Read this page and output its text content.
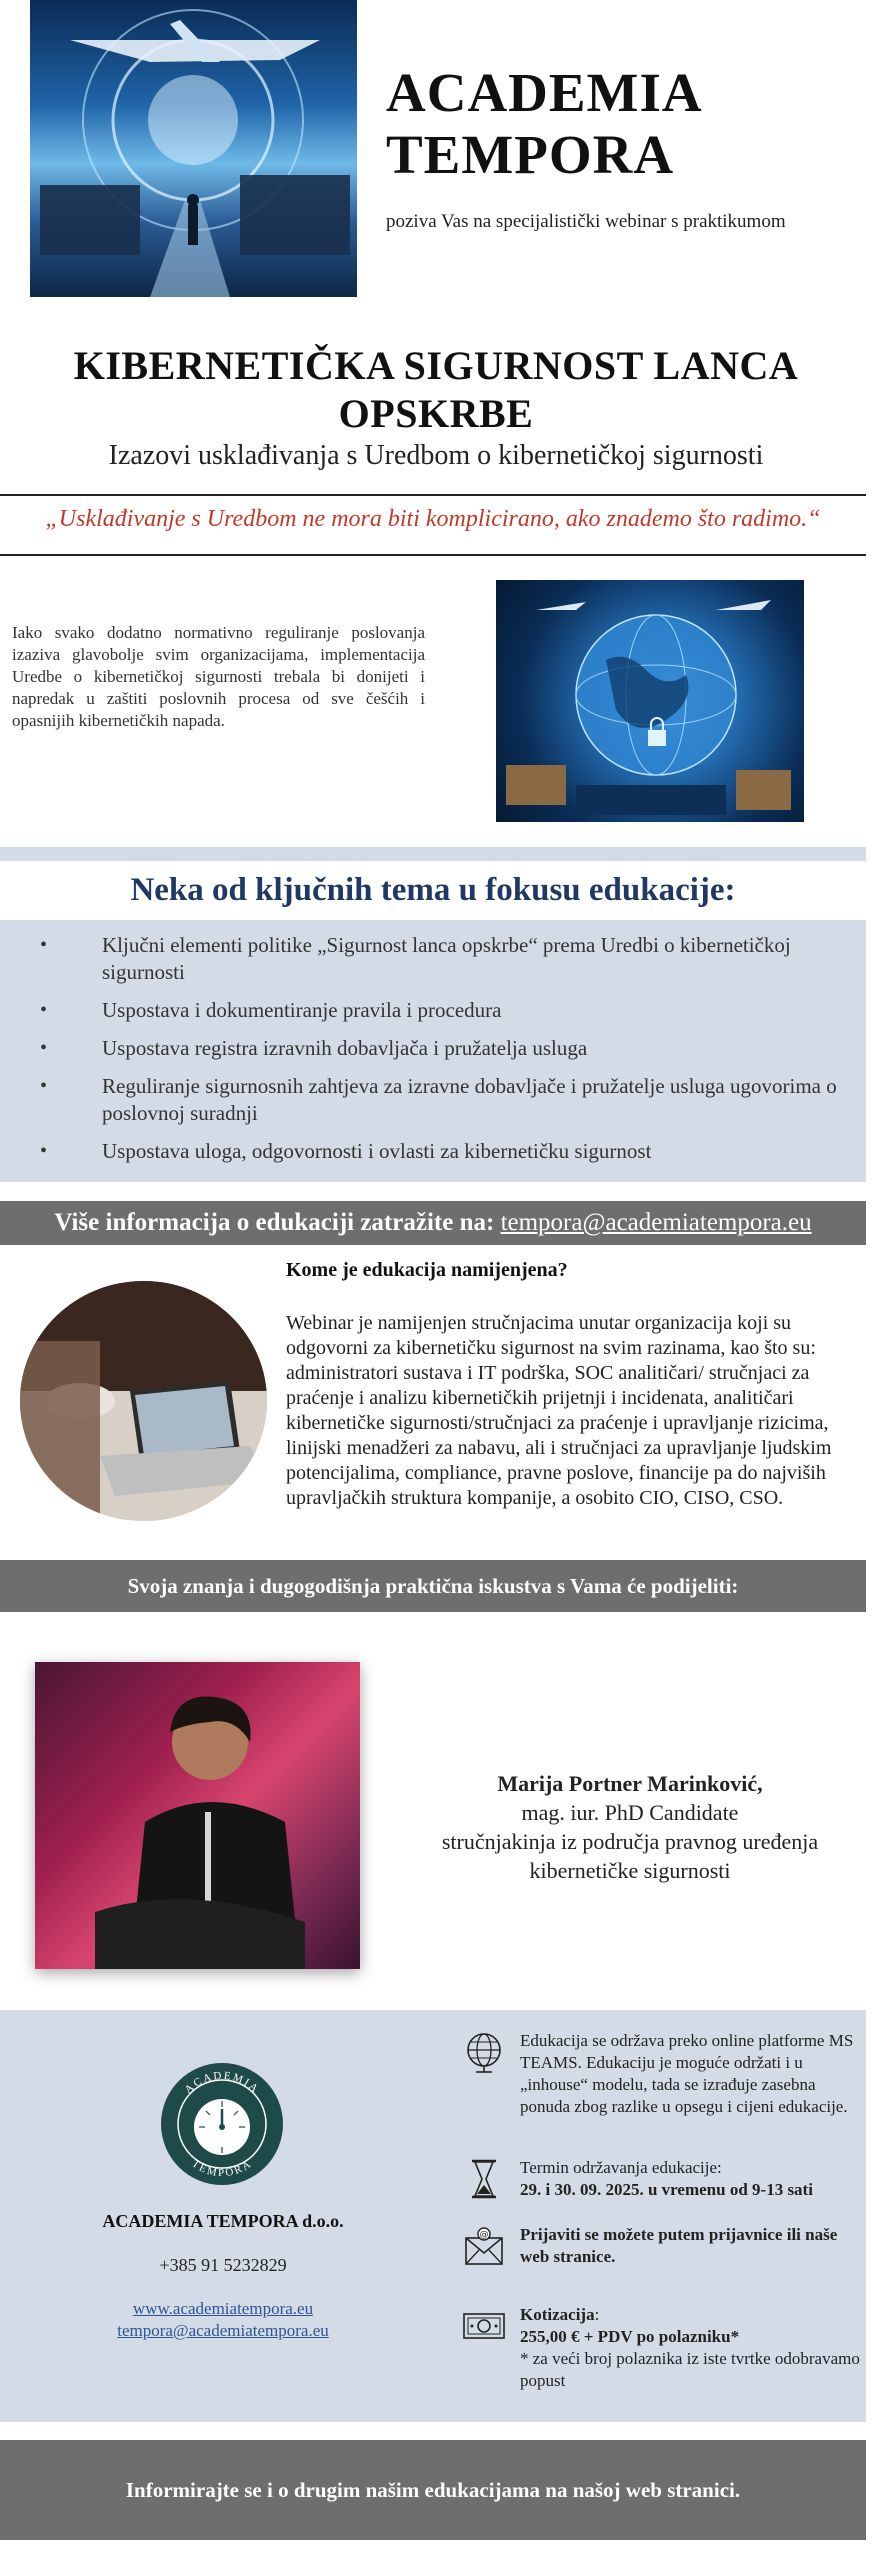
ACADEMIA
TEMPORA
poziva Vas na specijalistički webinar s praktikumom
KIBERNETIČKA SIGURNOST LANCA OPSKRBE
Izazovi usklađivanja s Uredbom o kibernetičkoj sigurnosti
„Usklađivanje s Uredbom ne mora biti komplicirano, ako znademo što radimo.“
Iako svako dodatno normativno reguliranje poslovanja izaziva glavobolje svim organizacijama, implementacija Uredbe o kibernetičkoj sigurnosti trebala bi donijeti i napredak u zaštiti poslovnih procesa od sve češćih i opasnijih kibernetičkih napada.
Neka od ključnih tema u fokusu edukacije:
• Ključni elementi politike „Sigurnost lanca opskrbe“ prema Uredbi o kibernetičkoj sigurnosti
• Uspostava i dokumentiranje pravila i procedura
• Uspostava registra izravnih dobavljača i pružatelja usluga
• Reguliranje sigurnosnih zahtjeva za izravne dobavljače i pružatelje usluga ugovorima o poslovnoj suradnji
• Uspostava uloga, odgovornosti i ovlasti za kibernetičku sigurnost
Više informacija o edukaciji zatražite na: tempora@academiatempora.eu
Kome je edukacija namijenjena?
Webinar je namijenjen stručnjacima unutar organizacija koji su odgovorni za kibernetičku sigurnost na svim razinama, kao što su: administratori sustava i IT podrška, SOC analitičari/ stručnjaci za praćenje i analizu kibernetičkih prijetnji i incidenata, analitičari kibernetičke sigurnosti/stručnjaci za praćenje i upravljanje rizicima, linijski menadžeri za nabavu, ali i stručnjaci za upravljanje ljudskim potencijalima, compliance, pravne poslove, financije pa do najviših upravljačkih struktura kompanije, a osobito CIO, CISO, CSO.
Svoja znanja i dugogodišnja praktična iskustva s Vama će podijeliti:
Marija Portner Marinković,
mag. iur. PhD Candidate
stručnjakinja iz područja pravnog uređenja
kibernetičke sigurnosti
ACADEMIA
TEMPORA
ACADEMIA TEMPORA d.o.o.
+385 91 5232829
www.academiatempora.eu
tempora@academiatempora.eu
Edukacija se održava preko online platforme MS TEAMS. Edukaciju je moguće održati i u „inhouse“ modelu, tada se izrađuje zasebna ponuda zbog razlike u opsegu i cijeni edukacije.
Termin održavanja edukacije:
29. i 30. 09. 2025. u vremenu od 9-13 sati
@ Prijaviti se možete putem prijavnice ili naše web stranice.
Kotizacija:
255,00 € + PDV po polazniku*
* za veći broj polaznika iz iste tvrtke odobravamo popust
Informirajte se i o drugim našim edukacijama na našoj web stranici.
